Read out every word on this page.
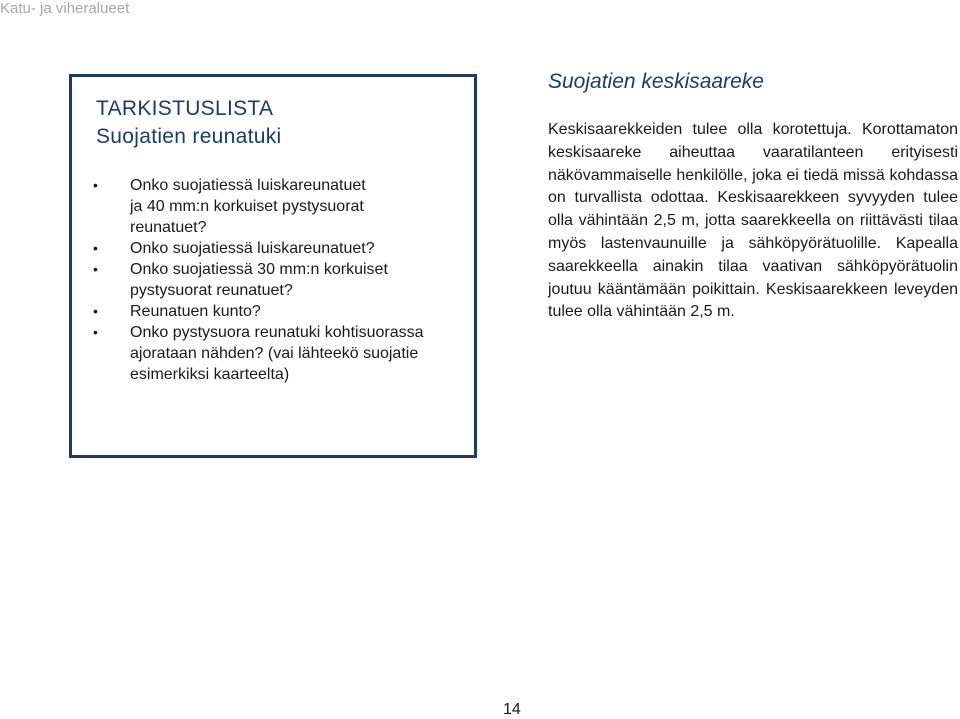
Katu- ja viheralueet
TARKISTUSLISTA
Suojatien reunatuki
• Onko suojatiessä luiskareunatuet
ja 40 mm:n korkuiset pystysuorat
reunatuet?
• Onko suojatiessä luiskareunatuet?
• Onko suojatiessä 30 mm:n korkuiset
pystysuorat reunatuet?
• Reunatuen kunto?
• Onko pystysuora reunatuki kohtisuorassa
ajorataan nähden? (vai lähteekö suojatie
esimerkiksi kaarteelta)
Suojatien keskisaareke

Keskisaarekkeiden tulee olla korotettuja. Korottamaton keskisaareke aiheuttaa vaaratilanteen erityisesti näkövammaiselle henkilölle, joka ei tiedä missä kohdassa on turvallista odottaa. Keskisaarekkeen syvyyden tulee olla vähintään 2,5 m, jotta saarekkeella on riittävästi tilaa myös lastenvaunuille ja sähköpyörätuolille. Kapealla saarekkeella ainakin tilaa vaativan sähköpyörätuolin joutuu kääntämään poikittain. Keskisaarekkeen leveyden tulee olla vähintään 2,5 m.

14
